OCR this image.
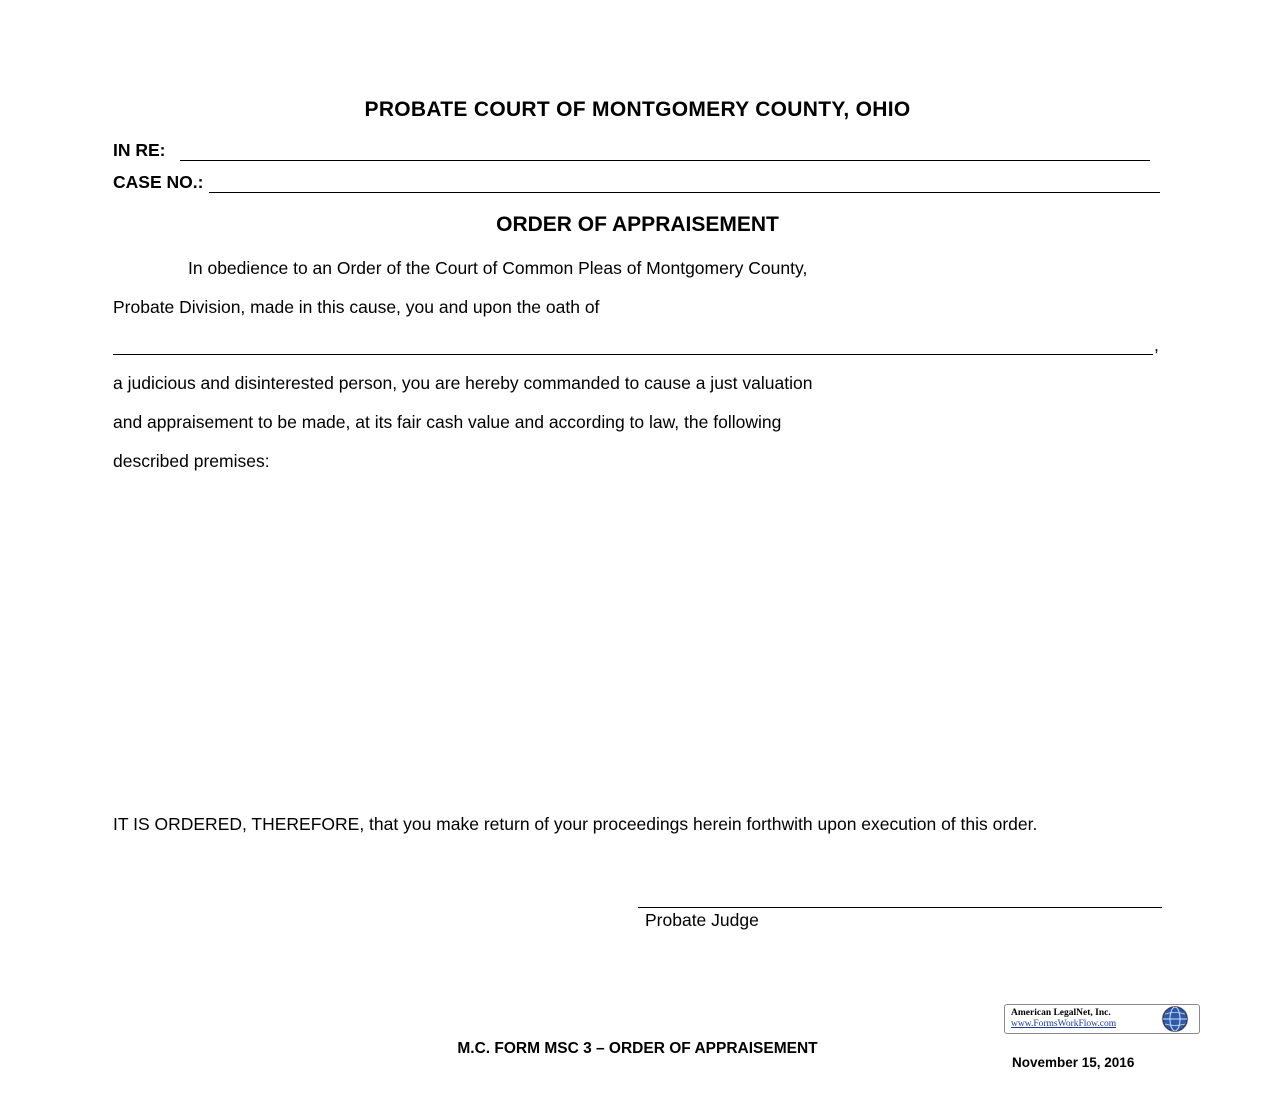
PROBATE COURT OF MONTGOMERY COUNTY, OHIO
IN RE:
CASE NO.:
ORDER OF APPRAISEMENT
In obedience to an Order of the Court of Common Pleas of Montgomery County,
Probate Division, made in this cause, you and upon the oath of
,
a judicious and disinterested person, you are hereby commanded to cause a just valuation
and appraisement to be made, at its fair cash value and according to law, the following
described premises:
IT IS ORDERED, THEREFORE, that you make return of your proceedings herein forthwith upon execution of this order.
Probate Judge
American LegalNet, Inc.
www.FormsWorkFlow.com
M.C. FORM MSC 3 – ORDER OF APPRAISEMENT
November 15, 2016
